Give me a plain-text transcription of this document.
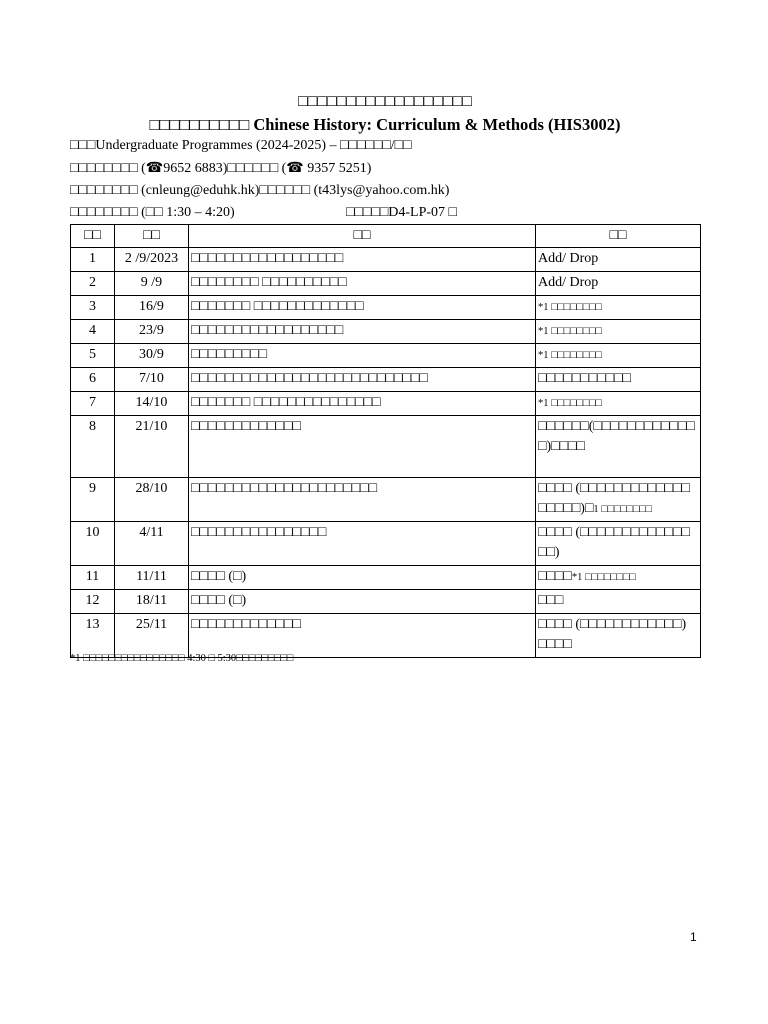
□□□□□□□□□□□□□□□□□□
□□□□□□□□□□ Chinese History: Curriculum & Methods (HIS3002)
□□□Undergraduate Programmes (2024-2025) – □□□□□□/□□
□□□□□□□□ (☎9652 6883)□□□□□□ (☎ 9357 5251)
□□□□□□□□ (cnleung@eduhk.hk)□□□□□□ (t43lys@yahoo.com.hk)
□□□□□□□□ (□□ 1:30 – 4:20)	□□□□□D4-LP-07 □
□□	□□	□□	□□
1	2 /9/2023	□□□□□□□□□□□□□□□□□□	Add/ Drop
2	9 /9	□□□□□□□□ □□□□□□□□□□	Add/ Drop
3	16/9	□□□□□□□ □□□□□□□□□□□□□	*1 □□□□□□□□
4	23/9	□□□□□□□□□□□□□□□□□□	*1 □□□□□□□□
5	30/9	□□□□□□□□□	*1 □□□□□□□□
6	7/10	□□□□□□□□□□□□□□□□□□□□□□□□□□□□	□□□□□□□□□□□
7	14/10	□□□□□□□ □□□□□□□□□□□□□□□	*1 □□□□□□□□
8	21/10	□□□□□□□□□□□□□	□□□□□□(□□□□□□□□□□□□□)□□□□
9	28/10	□□□□□□□□□□□□□□□□□□□□□□	□□□□ (□□□□□□□□□□□□□□□□□□)□1 □□□□□□□□
10	4/11	□□□□□□□□□□□□□□□□	□□□□ (□□□□□□□□□□□□□□□)
11	11/11	□□□□ (□)	□□□□*1 □□□□□□□□
12	18/11	□□□□ (□)	□□□
13	25/11	□□□□□□□□□□□□□	□□□□ (□□□□□□□□□□□□) □□□□
*1 □□□□□□□□□□□□□□□□ 4:30 □ 5:30□□□□□□□□□
1
